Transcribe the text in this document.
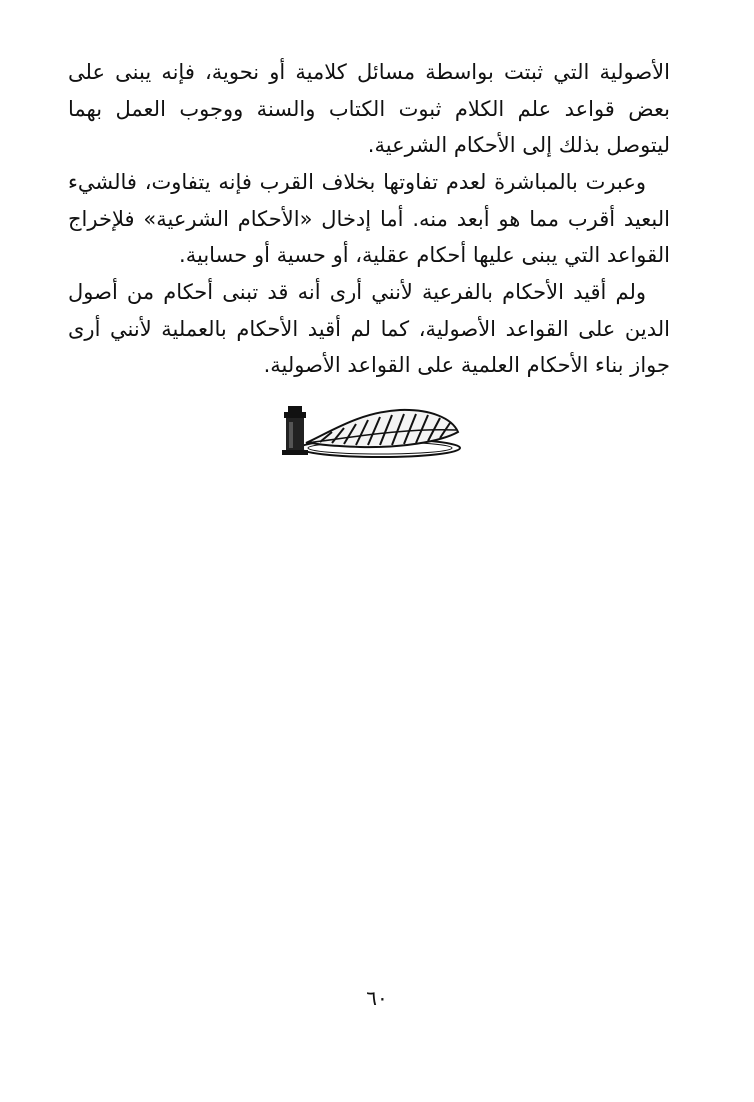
الأصولية التي ثبتت بواسطة مسائل كلامية أو نحوية، فإنه يبنى على بعض قواعد علم الكلام ثبوت الكتاب والسنة ووجوب العمل بهما ليتوصل بذلك إلى الأحكام الشرعية.

وعبرت بالمباشرة لعدم تفاوتها بخلاف القرب فإنه يتفاوت، فالشيء البعيد أقرب مما هو أبعد منه. أما إدخال «الأحكام الشرعية» فلإخراج القواعد التي يبنى عليها أحكام عقلية، أو حسية أو حسابية.

ولم أقيد الأحكام بالفرعية لأنني أرى أنه قد تبنى أحكام من أصول الدين على القواعد الأصولية، كما لم أقيد الأحكام بالعملية لأنني أرى جواز بناء الأحكام العلمية على القواعد الأصولية.

٦٠
